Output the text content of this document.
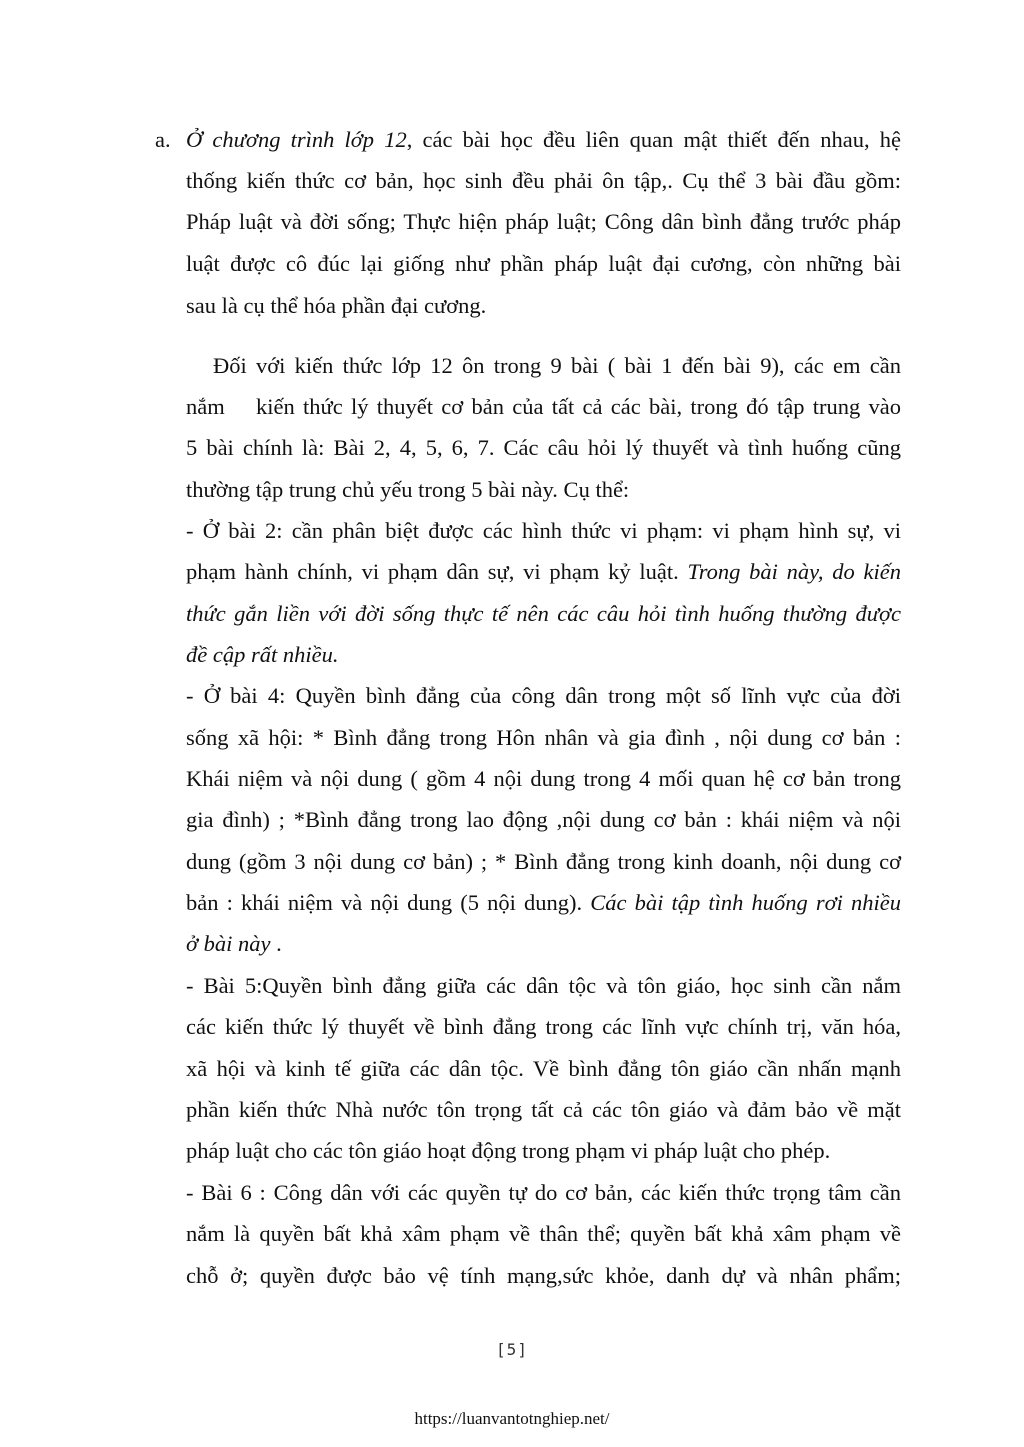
a. Ở chương trình lớp 12, các bài học đều liên quan mật thiết đến nhau, hệ
thống kiến thức cơ bản, học sinh đều phải ôn tập,. Cụ thể 3 bài đầu gồm:
Pháp luật và đời sống; Thực hiện pháp luật; Công dân bình đẳng trước pháp
luật được cô đúc lại giống như phần pháp luật đại cương, còn những bài
sau là cụ thể hóa phần đại cương.
Đối với kiến thức lớp 12 ôn trong 9 bài ( bài 1 đến bài 9), các em cần
nắm kiến thức lý thuyết cơ bản của tất cả các bài, trong đó tập trung vào
5 bài chính là: Bài 2, 4, 5, 6, 7. Các câu hỏi lý thuyết và tình huống cũng
thường tập trung chủ yếu trong 5 bài này. Cụ thể:
- Ở bài 2: cần phân biệt được các hình thức vi phạm: vi phạm hình sự, vi
phạm hành chính, vi phạm dân sự, vi phạm kỷ luật. Trong bài này, do kiến
thức gắn liền với đời sống thực tế nên các câu hỏi tình huống thường được
đề cập rất nhiều.
- Ở bài 4: Quyền bình đẳng của công dân trong một số lĩnh vực của đời
sống xã hội: * Bình đẳng trong Hôn nhân và gia đình , nội dung cơ bản :
Khái niệm và nội dung ( gồm 4 nội dung trong 4 mối quan hệ cơ bản trong
gia đình) ; *Bình đẳng trong lao động ,nội dung cơ bản : khái niệm và nội
dung (gồm 3 nội dung cơ bản) ; * Bình đẳng trong kinh doanh, nội dung cơ
bản : khái niệm và nội dung (5 nội dung). Các bài tập tình huống rơi nhiều
ở bài này .
- Bài 5:Quyền bình đẳng giữa các dân tộc và tôn giáo, học sinh cần nắm
các kiến thức lý thuyết về bình đẳng trong các lĩnh vực chính trị, văn hóa,
xã hội và kinh tế giữa các dân tộc. Về bình đẳng tôn giáo cần nhấn mạnh
phần kiến thức Nhà nước tôn trọng tất cả các tôn giáo và đảm bảo về mặt
pháp luật cho các tôn giáo hoạt động trong phạm vi pháp luật cho phép.
- Bài 6 : Công dân với các quyền tự do cơ bản, các kiến thức trọng tâm cần
nắm là quyền bất khả xâm phạm về thân thể; quyền bất khả xâm phạm về
chỗ ở; quyền được bảo vệ tính mạng,sức khỏe, danh dự và nhân phẩm;
[5]
https://luanvantotnghiep.net/
